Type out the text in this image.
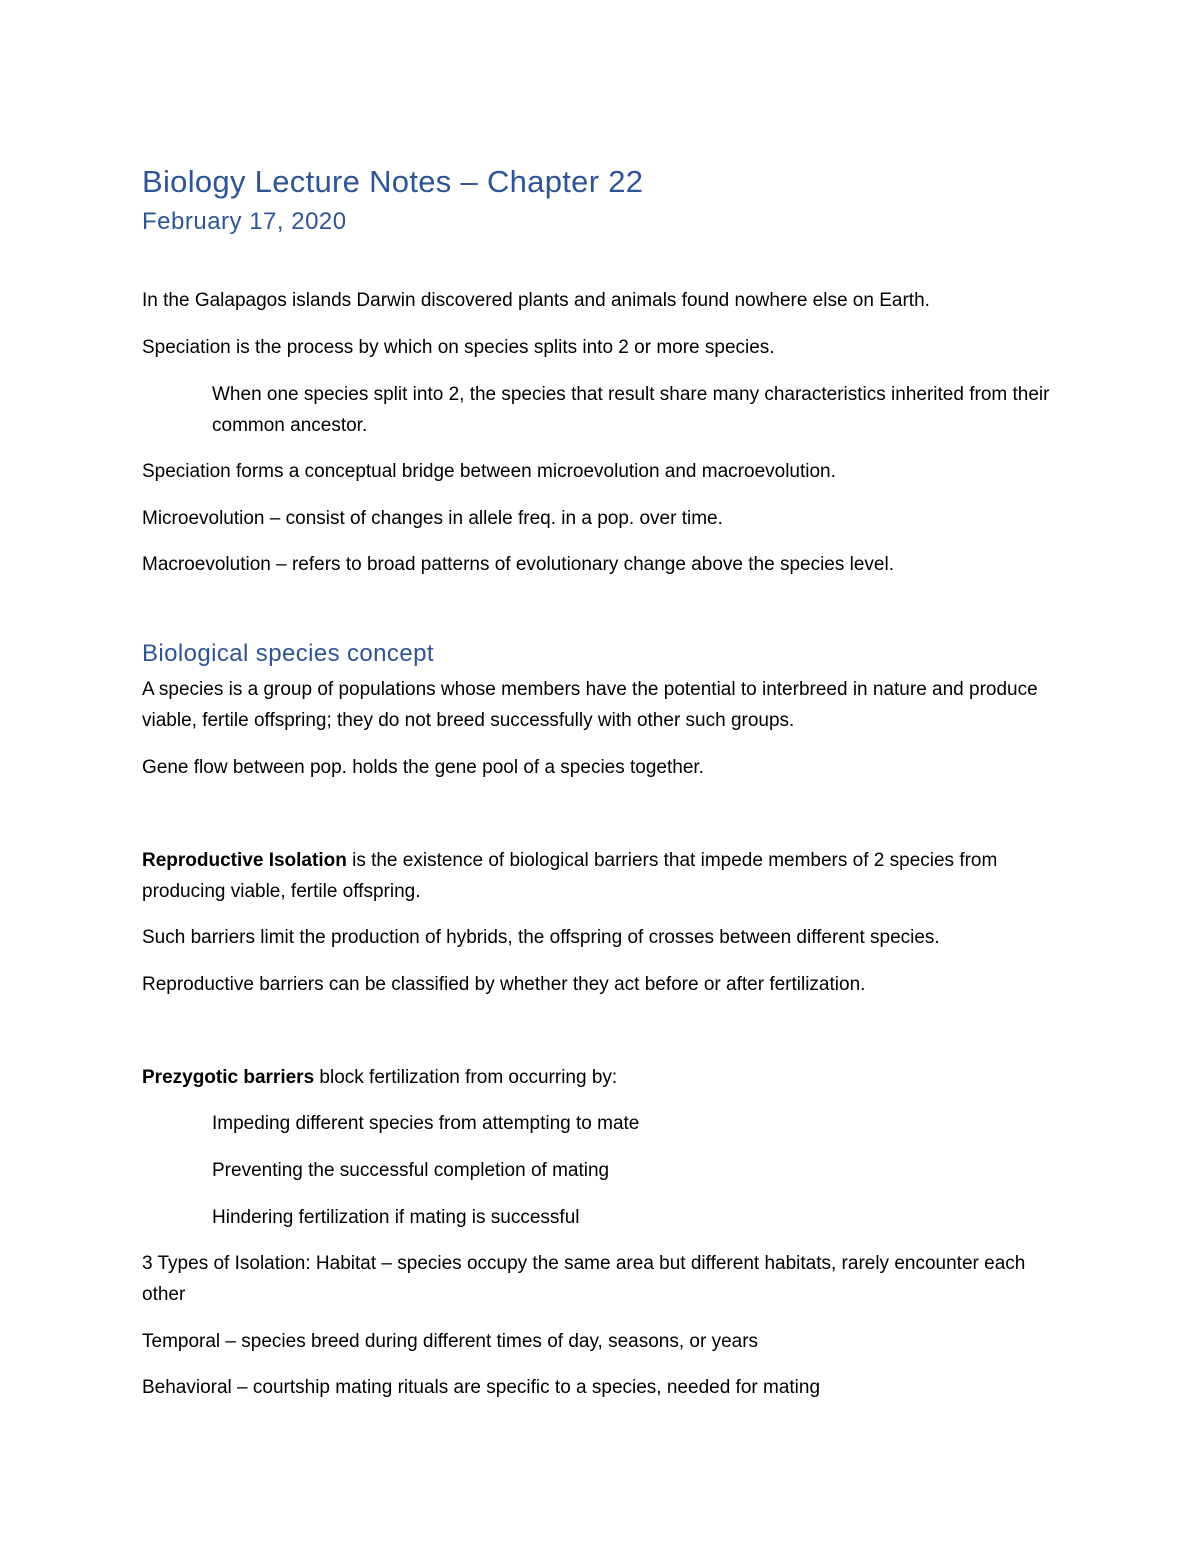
Biology Lecture Notes – Chapter 22
February 17, 2020
In the Galapagos islands Darwin discovered plants and animals found nowhere else on Earth.
Speciation is the process by which on species splits into 2 or more species.
When one species split into 2, the species that result share many characteristics inherited from their common ancestor.
Speciation forms a conceptual bridge between microevolution and macroevolution.
Microevolution – consist of changes in allele freq. in a pop. over time.
Macroevolution – refers to broad patterns of evolutionary change above the species level.
Biological species concept
A species is a group of populations whose members have the potential to interbreed in nature and produce viable, fertile offspring; they do not breed successfully with other such groups.
Gene flow between pop. holds the gene pool of a species together.
Reproductive Isolation is the existence of biological barriers that impede members of 2 species from producing viable, fertile offspring.
Such barriers limit the production of hybrids, the offspring of crosses between different species.
Reproductive barriers can be classified by whether they act before or after fertilization.
Prezygotic barriers block fertilization from occurring by:
Impeding different species from attempting to mate
Preventing the successful completion of mating
Hindering fertilization if mating is successful
3 Types of Isolation: Habitat – species occupy the same area but different habitats, rarely encounter each other
Temporal – species breed during different times of day, seasons, or years
Behavioral – courtship mating rituals are specific to a species, needed for mating
